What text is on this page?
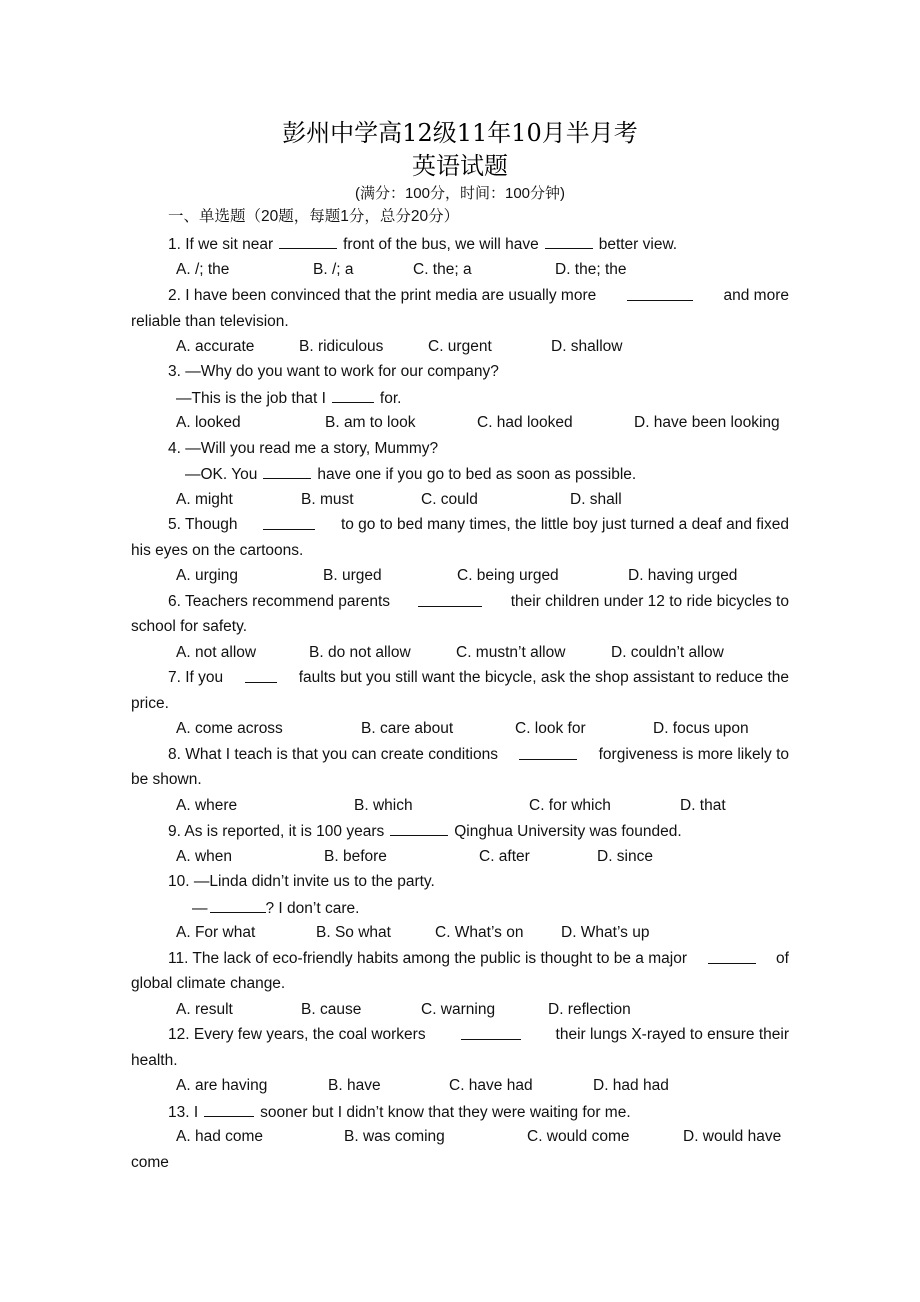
彭州中学高12级11年10月半月考
英语试题
(满分：100分，时间：100分钟)
一、单选题（20题，每题1分，总分20分）
1. If we sit near	front of the bus, we will have	better view.
A. /; the	B. /; a	C. the; a	D. the; the
2. I have been convinced that the print media are usually more	and more
reliable than television.
A. accurate	B. ridiculous	C. urgent	D. shallow
3. —Why do you want to work for our company?
—This is the job that I	for.
A. looked	B. am to look	C. had looked	D. have been looking
4. —Will you read me a story, Mummy?
—OK. You	have one if you go to bed as soon as possible.
A. might	B. must	C. could	D. shall
5. Though	to go to bed many times, the little boy just turned a deaf and fixed
his eyes on the cartoons.
A. urging	B. urged	C. being urged	D. having urged
6. Teachers recommend parents	their children under 12 to ride bicycles to
school for safety.
A. not allow	B. do not allow	C. mustn’t allow	D. couldn’t allow
7. If you	faults but you still want the bicycle, ask the shop assistant to reduce the
price.
A. come across	B. care about	C. look for	D. focus upon
8. What I teach is that you can create conditions	forgiveness is more likely to
be shown.
A. where	B. which	C. for which	D. that
9. As is reported, it is 100 years	Qinghua University was founded.
A. when	B. before	C. after	D. since
10. —Linda didn’t invite us to the party.
—	? I don’t care.
A. For what	B. So what	C. What’s on D. What’s up
11. The lack of eco-friendly habits among the public is thought to be a major	of
global climate change.
A. result	B. cause	C. warning	D. reflection
12. Every few years, the coal workers	their lungs X-rayed to ensure their
health.
A. are having	B. have	C. have had	D. had had
13. I	sooner but I didn’t know that they were waiting for me.
A. had come	B. was coming	C. would come	D. would have
come
